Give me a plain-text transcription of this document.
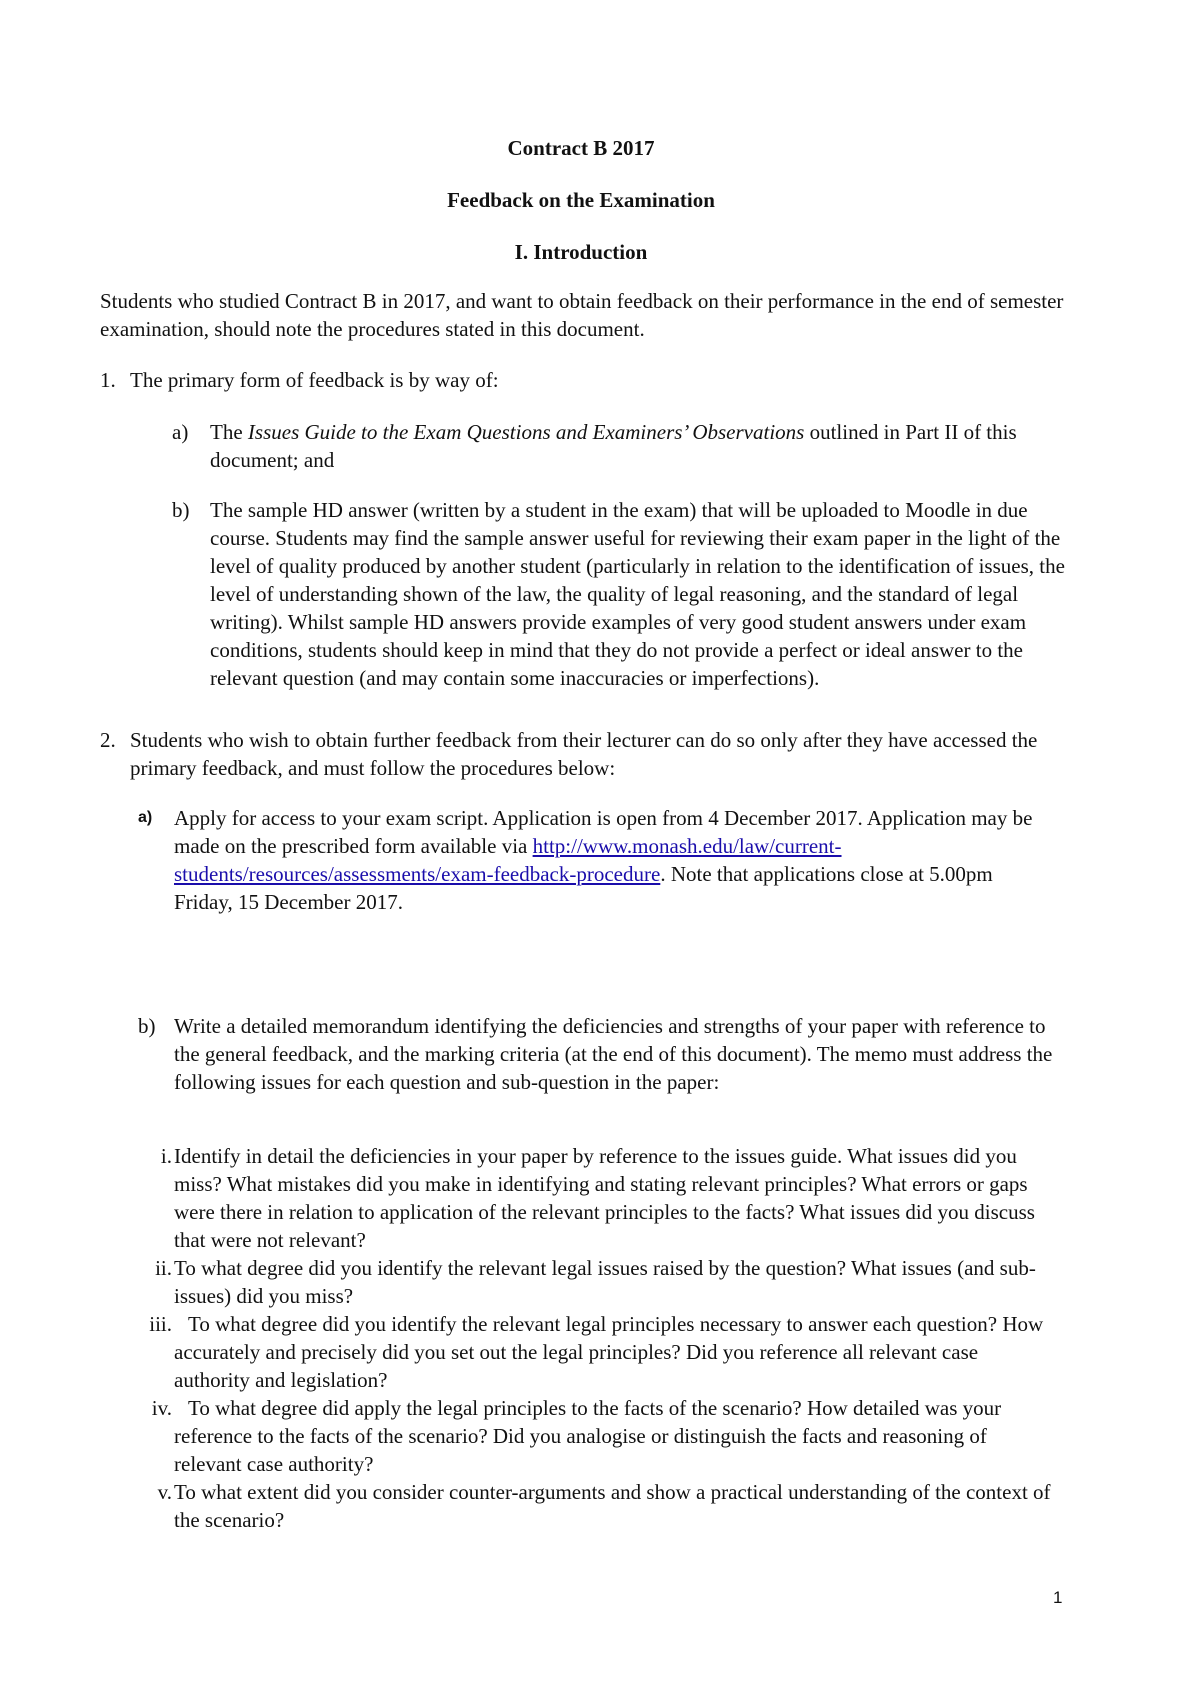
Contract B 2017
Feedback on the Examination
I. Introduction
Students who studied Contract B in 2017, and want to obtain feedback on their performance in the end of semester examination, should note the procedures stated in this document.
1. The primary form of feedback is by way of:
a) The Issues Guide to the Exam Questions and Examiners’ Observations outlined in Part II of this document; and
b) The sample HD answer (written by a student in the exam) that will be uploaded to Moodle in due course. Students may find the sample answer useful for reviewing their exam paper in the light of the level of quality produced by another student (particularly in relation to the identification of issues, the level of understanding shown of the law, the quality of legal reasoning, and the standard of legal writing). Whilst sample HD answers provide examples of very good student answers under exam conditions, students should keep in mind that they do not provide a perfect or ideal answer to the relevant question (and may contain some inaccuracies or imperfections).
2. Students who wish to obtain further feedback from their lecturer can do so only after they have accessed the primary feedback, and must follow the procedures below:
a) Apply for access to your exam script. Application is open from 4 December 2017. Application may be made on the prescribed form available via http://www.monash.edu/law/current-students/resources/assessments/exam-feedback-procedure. Note that applications close at 5.00pm Friday, 15 December 2017.
b) Write a detailed memorandum identifying the deficiencies and strengths of your paper with reference to the general feedback, and the marking criteria (at the end of this document). The memo must address the following issues for each question and sub-question in the paper:
i. Identify in detail the deficiencies in your paper by reference to the issues guide. What issues did you miss? What mistakes did you make in identifying and stating relevant principles? What errors or gaps were there in relation to application of the relevant principles to the facts? What issues did you discuss that were not relevant?
ii. To what degree did you identify the relevant legal issues raised by the question? What issues (and sub-issues) did you miss?
iii. To what degree did you identify the relevant legal principles necessary to answer each question? How accurately and precisely did you set out the legal principles? Did you reference all relevant case authority and legislation?
iv. To what degree did apply the legal principles to the facts of the scenario? How detailed was your reference to the facts of the scenario? Did you analogise or distinguish the facts and reasoning of relevant case authority?
v. To what extent did you consider counter-arguments and show a practical understanding of the context of the scenario?
1
